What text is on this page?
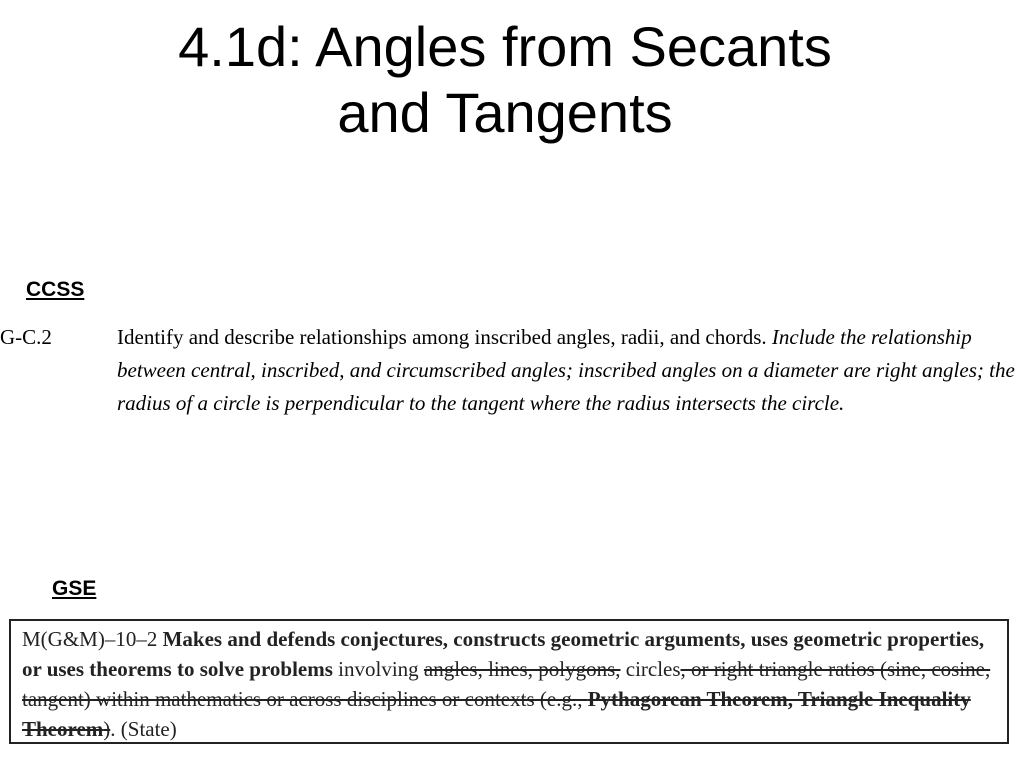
4.1d: Angles from Secants
and Tangents
CCSS
G-C.2	Identify and describe relationships among inscribed angles, radii, and chords. Include the relationship between central, inscribed, and circumscribed angles; inscribed angles on a diameter are right angles; the radius of a circle is perpendicular to the tangent where the radius intersects the circle.
GSE
M(G&M)–10–2 Makes and defends conjectures, constructs geometric arguments, uses geometric properties, or uses theorems to solve problems involving angles, lines, polygons, circles, or right triangle ratios (sine, cosine, tangent) within mathematics or across disciplines or contexts (e.g., Pythagorean Theorem, Triangle Inequality Theorem). (State)
